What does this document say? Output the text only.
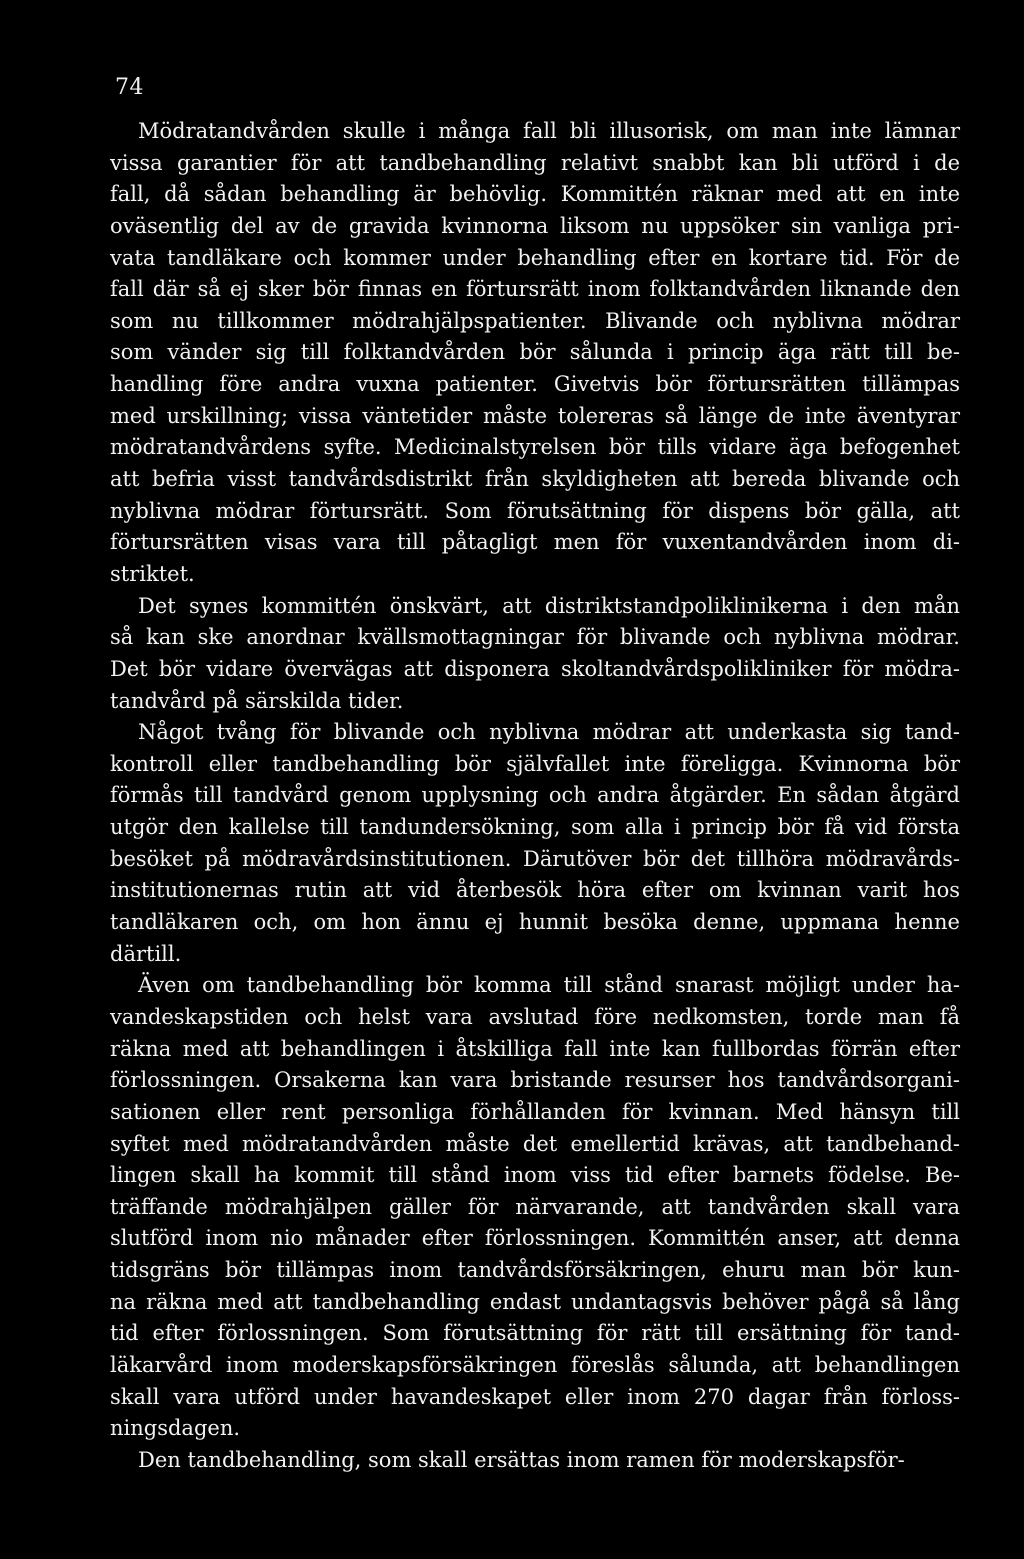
74
Mödratandvården skulle i många fall bli illusorisk, om man inte lämnar
vissa garantier för att tandbehandling relativt snabbt kan bli utförd i de
fall, då sådan behandling är behövlig. Kommittén räknar med att en inte
oväsentlig del av de gravida kvinnorna liksom nu uppsöker sin vanliga pri-
vata tandläkare och kommer under behandling efter en kortare tid. För de
fall där så ej sker bör finnas en förtursrätt inom folktandvården liknande den
som nu tillkommer mödrahjälpspatienter. Blivande och nyblivna mödrar
som vänder sig till folktandvården bör sålunda i princip äga rätt till be-
handling före andra vuxna patienter. Givetvis bör förtursrätten tillämpas
med urskillning; vissa väntetider måste tolereras så länge de inte äventyrar
mödratandvårdens syfte. Medicinalstyrelsen bör tills vidare äga befogenhet
att befria visst tandvårdsdistrikt från skyldigheten att bereda blivande och
nyblivna mödrar förtursrätt. Som förutsättning för dispens bör gälla, att
förtursrätten visas vara till påtagligt men för vuxentandvården inom di-
striktet.
Det synes kommittén önskvärt, att distriktstandpoliklinikerna i den mån
så kan ske anordnar kvällsmottagningar för blivande och nyblivna mödrar.
Det bör vidare övervägas att disponera skoltandvårdspolikliniker för mödra-
tandvård på särskilda tider.
Något tvång för blivande och nyblivna mödrar att underkasta sig tand-
kontroll eller tandbehandling bör självfallet inte föreligga. Kvinnorna bör
förmås till tandvård genom upplysning och andra åtgärder. En sådan åtgärd
utgör den kallelse till tandundersökning, som alla i princip bör få vid första
besöket på mödravårdsinstitutionen. Därutöver bör det tillhöra mödravårds-
institutionernas rutin att vid återbesök höra efter om kvinnan varit hos
tandläkaren och, om hon ännu ej hunnit besöka denne, uppmana henne
därtill.
Även om tandbehandling bör komma till stånd snarast möjligt under ha-
vandeskapstiden och helst vara avslutad före nedkomsten, torde man få
räkna med att behandlingen i åtskilliga fall inte kan fullbordas förrän efter
förlossningen. Orsakerna kan vara bristande resurser hos tandvårdsorgani-
sationen eller rent personliga förhållanden för kvinnan. Med hänsyn till
syftet med mödratandvården måste det emellertid krävas, att tandbehand-
lingen skall ha kommit till stånd inom viss tid efter barnets födelse. Be-
träffande mödrahjälpen gäller för närvarande, att tandvården skall vara
slutförd inom nio månader efter förlossningen. Kommittén anser, att denna
tidsgräns bör tillämpas inom tandvårdsförsäkringen, ehuru man bör kun-
na räkna med att tandbehandling endast undantagsvis behöver pågå så lång
tid efter förlossningen. Som förutsättning för rätt till ersättning för tand-
läkarvård inom moderskapsförsäkringen föreslås sålunda, att behandlingen
skall vara utförd under havandeskapet eller inom 270 dagar från förloss-
ningsdagen.
Den tandbehandling, som skall ersättas inom ramen för moderskapsför-
